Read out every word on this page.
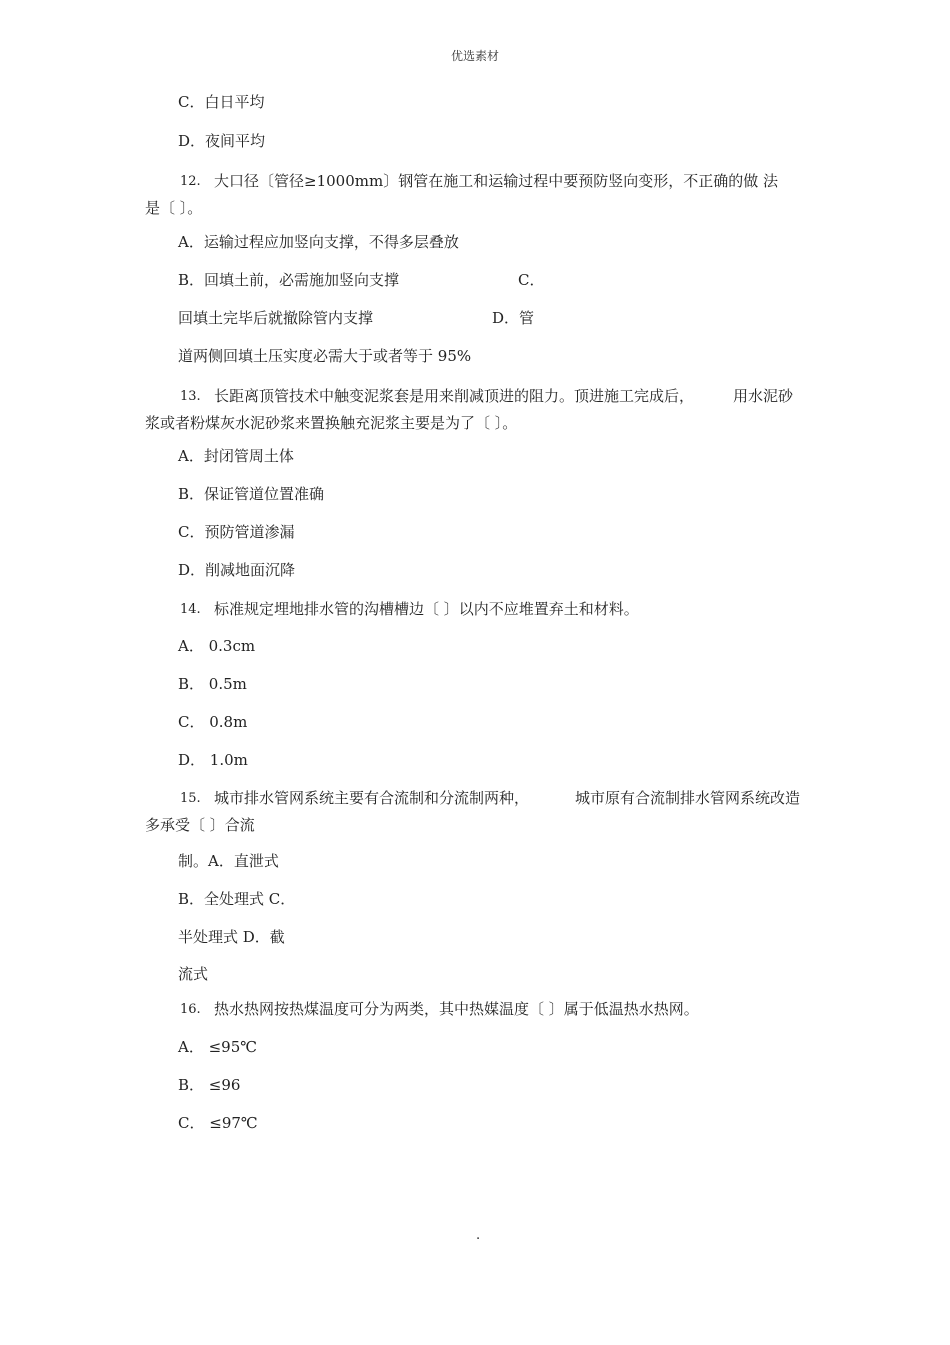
优选素材
C．白日平均
D．夜间平均
12. 大口径〔管径≥1000mm〕钢管在施工和运输过程中要预防竖向变形，不正确的做 法
是〔 〕。
A．运输过程应加竖向支撑，不得多层叠放
B．回填土前，必需施加竖向支撑	C．
回填土完毕后就撤除管内支撑	D．管
道两侧回填土压实度必需大于或者等于 95%
13. 长距离顶管技术中触变泥浆套是用来削减顶进的阻力。顶进施工完成后，	用水泥砂
浆或者粉煤灰水泥砂浆来置换触充泥浆主要是为了〔 〕。
A．封闭管周土体
B．保证管道位置准确
C．预防管道渗漏
D．削减地面沉降
14. 标准规定埋地排水管的沟槽槽边〔 〕以内不应堆置弃土和材料。
A． 0.3cm
B． 0.5m
C． 0.8m
D． 1.0m
15. 城市排水管网系统主要有合流制和分流制两种，	城市原有合流制排水管网系统改造
多承受〔 〕合流
制。A．直泄式
B．全处理式 C．
半处理式 D．截
流式
16. 热水热网按热煤温度可分为两类，其中热媒温度〔 〕属于低温热水热网。
A． ≤95℃
B． ≤96
C． ≤97℃
.
